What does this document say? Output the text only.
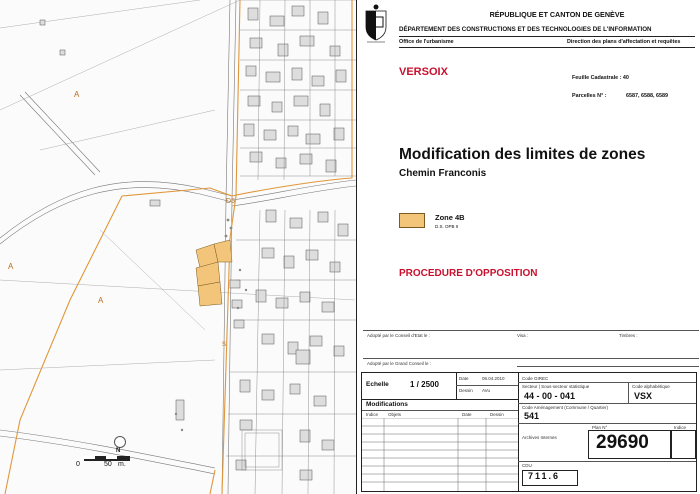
A
A
A
D5
S
N
0	50 m.
RÉPUBLIQUE ET CANTON DE GENÈVE
DÉPARTEMENT DES CONSTRUCTIONS ET DES TECHNOLOGIES DE L'INFORMATION
Office de l'urbanisme	Direction des plans d'affectation et requêtes
VERSOIX	Feuille Cadastrale : 40
Parcelles N° :	6587, 6588, 6589
Modification des limites de zones
Chemin Franconis
Zone 4B
D.S. OPB II
PROCEDURE D'OPPOSITION
Adopté par le Conseil d'Etat le :	Visa :	Timbres :
Adopté par le Grand Conseil le :
Echelle	1 / 2500
Date	06.04.2010
Dessin AVu
Modifications
Indice Objets	Date	Dessin
Code GIREC
Secteur | Sous-secteur statistique	Code alphabétique
44 - 00 - 041	VSX
Code Aménagement (Commune / Quartier)
541
Plan N°	Indice
Archives Internes 29690
CDU
711.6
